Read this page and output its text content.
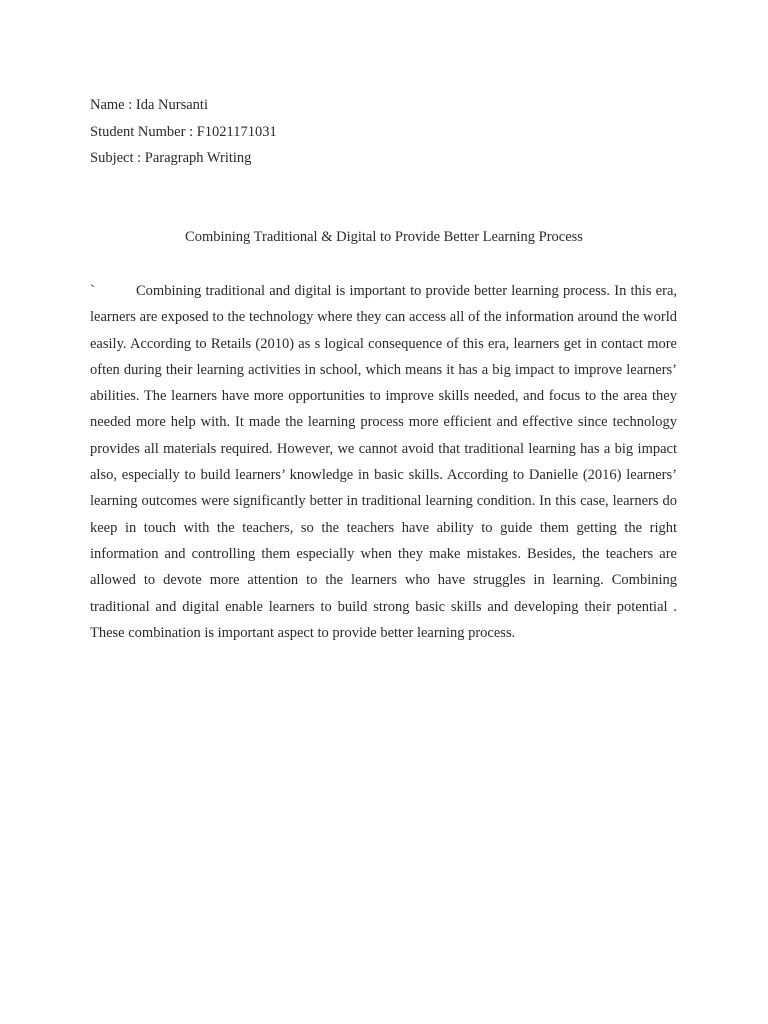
Name : Ida Nursanti
Student Number : F1021171031
Subject : Paragraph Writing
Combining Traditional & Digital to Provide Better Learning Process

`	Combining traditional and digital is important to provide better learning process. In this era, learners are exposed to the technology where they can access all of the information around the world easily. According to Retails (2010) as s logical consequence of this era, learners get in contact more often during their learning activities in school, which means it has a big impact to improve learners’ abilities. The learners have more opportunities to improve skills needed, and focus to the area they needed more help with. It made the learning process more efficient and effective since technology provides all materials required. However, we cannot avoid that traditional learning has a big impact also, especially to build learners’ knowledge in basic skills. According to Danielle (2016) learners’ learning outcomes were significantly better in traditional learning condition. In this case, learners do keep in touch with the teachers, so the teachers have ability to guide them getting the right information and controlling them especially when they make mistakes. Besides, the teachers are allowed to devote more attention to the learners who have struggles in learning. Combining traditional and digital enable learners to build strong basic skills and developing their potential . These combination is important aspect to provide better learning process.
